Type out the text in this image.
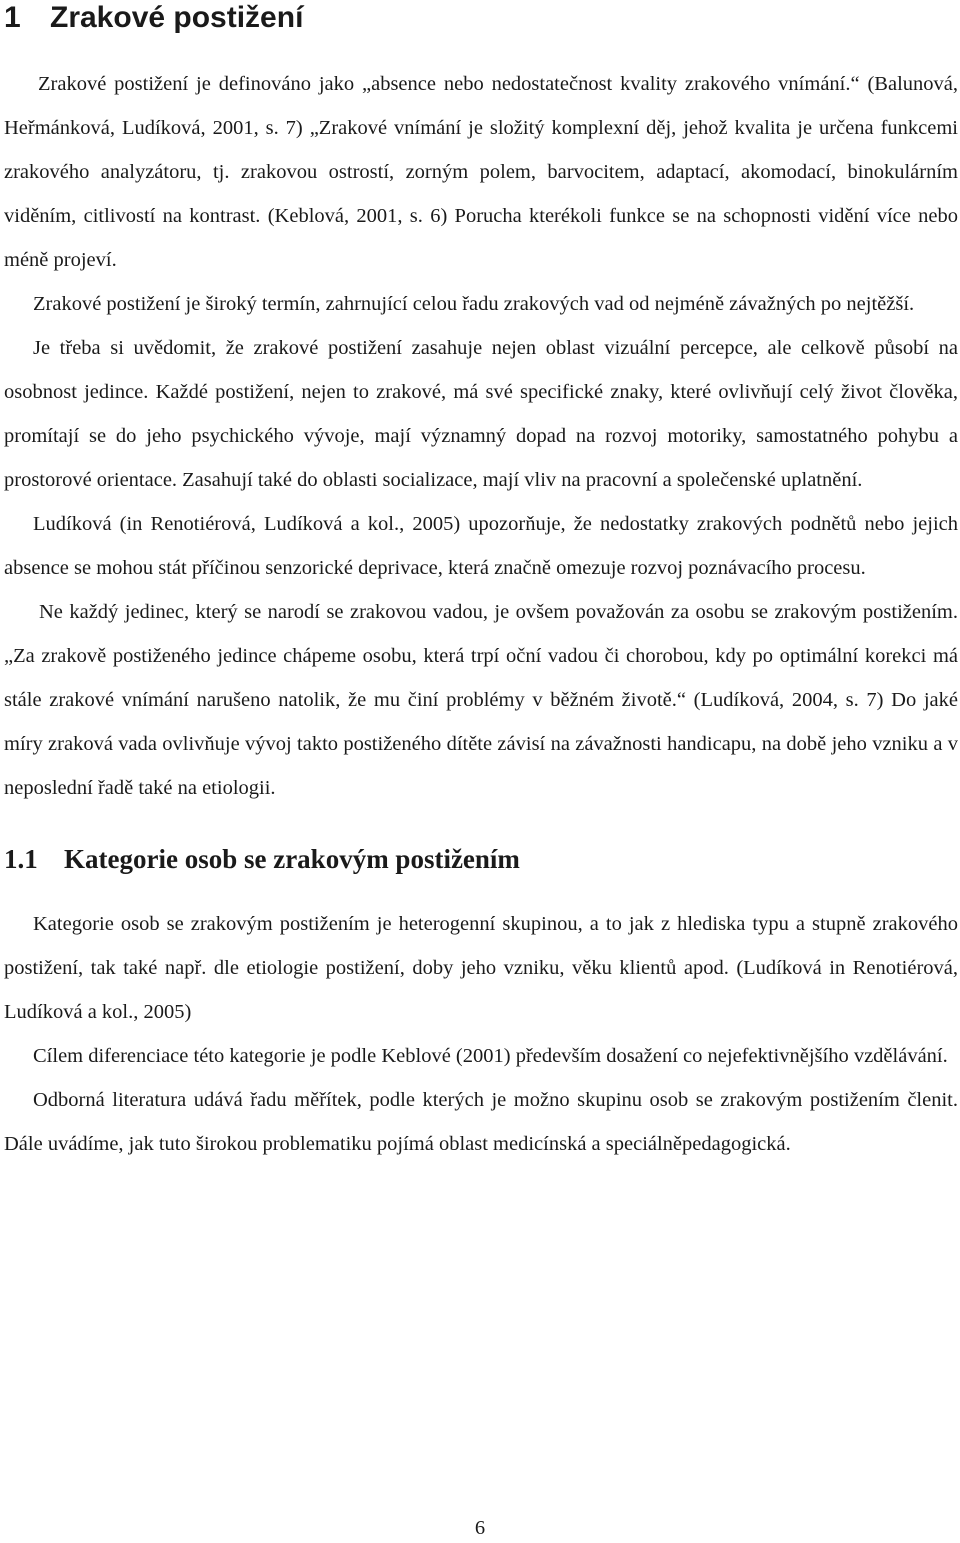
1 Zrakové postižení

Zrakové postižení je definováno jako „absence nebo nedostatečnost kvality zrakového vnímání.“ (Balunová, Heřmánková, Ludíková, 2001, s. 7) „Zrakové vnímání je složitý komplexní děj, jehož kvalita je určena funkcemi zrakového analyzátoru, tj. zrakovou ostrostí, zorným polem, barvocitem, adaptací, akomodací, binokulárním viděním, citlivostí na kontrast. (Keblová, 2001, s. 6) Porucha kterékoli funkce se na schopnosti vidění více nebo méně projeví.

Zrakové postižení je široký termín, zahrnující celou řadu zrakových vad od nejméně závažných po nejtěžší.

Je třeba si uvědomit, že zrakové postižení zasahuje nejen oblast vizuální percepce, ale celkově působí na osobnost jedince. Každé postižení, nejen to zrakové, má své specifické znaky, které ovlivňují celý život člověka, promítají se do jeho psychického vývoje, mají významný dopad na rozvoj motoriky, samostatného pohybu a prostorové orientace. Zasahují také do oblasti socializace, mají vliv na pracovní a společenské uplatnění.

Ludíková (in Renotiérová, Ludíková a kol., 2005) upozorňuje, že nedostatky zrakových podnětů nebo jejich absence se mohou stát příčinou senzorické deprivace, která značně omezuje rozvoj poznávacího procesu.

Ne každý jedinec, který se narodí se zrakovou vadou, je ovšem považován za osobu se zrakovým postižením. „Za zrakově postiženého jedince chápeme osobu, která trpí oční vadou či chorobou, kdy po optimální korekci má stále zrakové vnímání narušeno natolik, že mu činí problémy v běžném životě.“ (Ludíková, 2004, s. 7) Do jaké míry zraková vada ovlivňuje vývoj takto postiženého dítěte závisí na závažnosti handicapu, na době jeho vzniku a v neposlední řadě také na etiologii.

1.1 Kategorie osob se zrakovým postižením

Kategorie osob se zrakovým postižením je heterogenní skupinou, a to jak z hlediska typu a stupně zrakového postižení, tak také např. dle etiologie postižení, doby jeho vzniku, věku klientů apod. (Ludíková in Renotiérová, Ludíková a kol., 2005)

Cílem diferenciace této kategorie je podle Keblové (2001) především dosažení co nejefektivnějšího vzdělávání.

Odborná literatura udává řadu měřítek, podle kterých je možno skupinu osob se zrakovým postižením členit. Dále uvádíme, jak tuto širokou problematiku pojímá oblast medicínská a speciálněpedagogická.

6
